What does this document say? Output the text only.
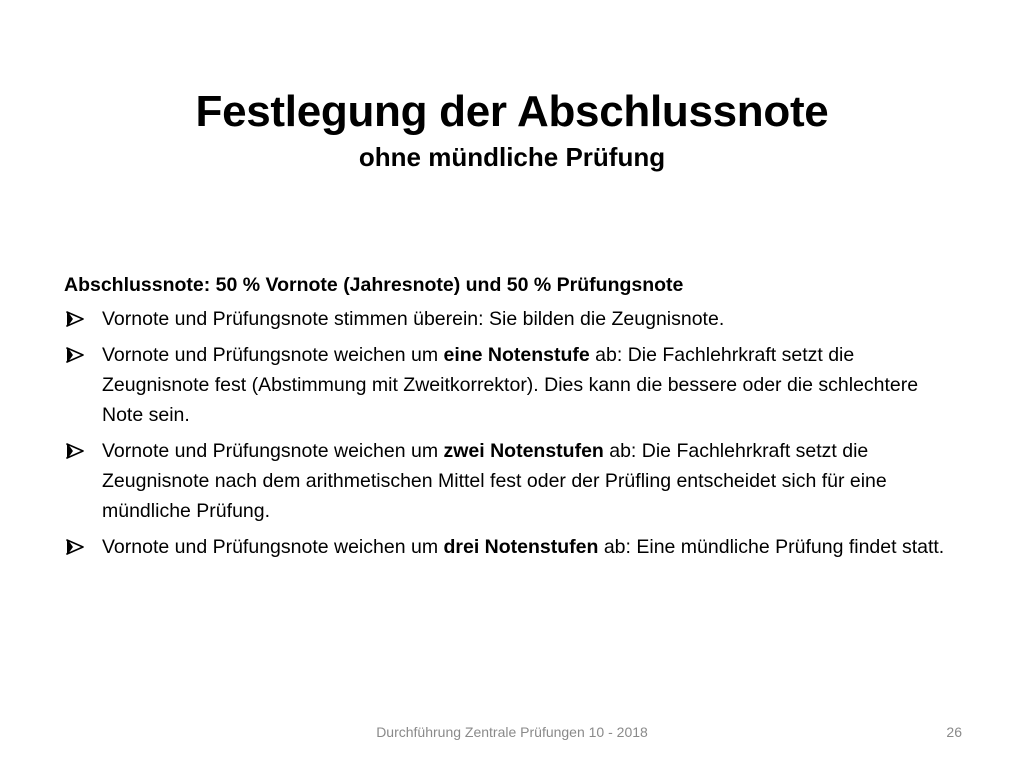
Festlegung der Abschlussnote
ohne mündliche Prüfung
Abschlussnote: 50 % Vornote (Jahresnote) und 50 % Prüfungsnote
Vornote und Prüfungsnote stimmen überein: Sie bilden die Zeugnisnote.
Vornote und Prüfungsnote weichen um eine Notenstufe ab: Die Fachlehrkraft setzt die Zeugnisnote fest (Abstimmung mit Zweitkorrektor). Dies kann die bessere oder die schlechtere Note sein.
Vornote und Prüfungsnote weichen um zwei Notenstufen ab: Die Fachlehrkraft setzt die Zeugnisnote nach dem arithmetischen Mittel fest oder der Prüfling entscheidet sich für eine mündliche Prüfung.
Vornote und Prüfungsnote weichen um drei Notenstufen ab: Eine mündliche Prüfung findet statt.
Durchführung Zentrale Prüfungen 10 - 2018	26
